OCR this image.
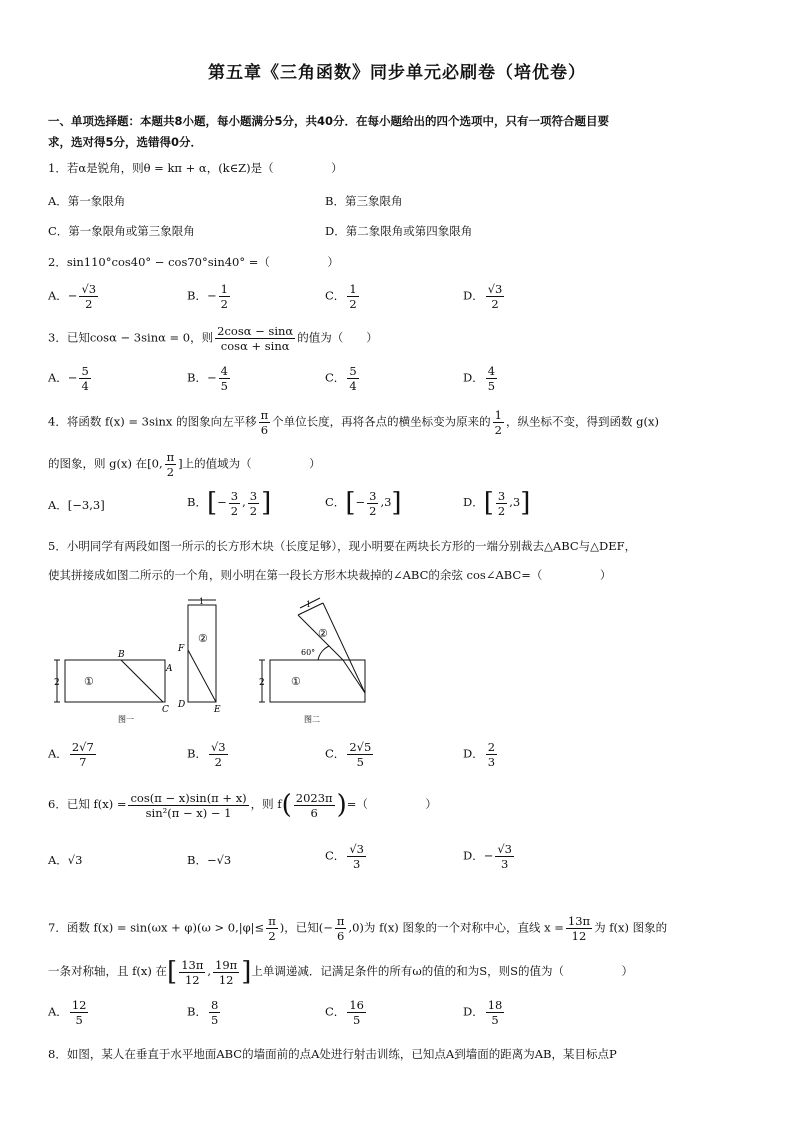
第五章《三角函数》同步单元必刷卷（培优卷）
一、单项选择题：本题共8小题，每小题满分5分，共40分．在每小题给出的四个选项中，只有一项符合题目要
求，选对得5分，选错得0分．
1．若α是锐角，则θ = kπ + α，(k∈Z)是（　　　　　）
A．第一象限角	B．第三象限角
C．第一象限角或第三象限角	D．第二象限角或第四象限角
2．sin110°cos40° − cos70°sin40° =（　　　　　）
A．− $\frac{√3}{2}$	B．− $\frac{1}{2}$	C． $\frac{1}{2}$	D． $\frac{√3}{2}$
3．已知cosα − 3sinα = 0，则 $\frac{2\cos\alpha - \sin\alpha}{\cos\alpha + \sin\alpha}$ 的值为（　　）
A．− $\frac{5}{4}$	B．− $\frac{4}{5}$	C． $\frac{5}{4}$	D． $\frac{4}{5}$
4．将函数 f(x) = 3sinx 的图象向左平移 $\frac{\pi}{6}$ 个单位长度，再将各点的横坐标变为原来的 $\frac{1}{2}$ ，纵坐标不变，得到函数 g(x)
的图象，则 g(x) 在[0, $\frac{\pi}{2}$ ]上的值域为（　　　　　）
A．[−3,3]	B．[− $\frac{3}{2}$ , $\frac{3}{2}$ ]	C．[− $\frac{3}{2} ,3$]	D．[ $\frac{3}{2} ,3$]
5．小明同学有两段如图一所示的长方形木块（长度足够），现小明要在两块长方形的一端分别裁去△ABC与△DEF，
使其拼接成如图二所示的一个角，则小明在第一段长方形木块裁掉的∠ABC的余弦 cos∠ABC=（　　　　　）
2 ①
B
A
C
F
D	E
②
1
图一
2 ①
②
60°
1
图二
A． $\frac{2√7}{7}$	B． $\frac{√3}{2}$	C． $\frac{2√5}{5}$	D． $\frac{2}{3}$
6．已知 $f(x) = \frac{\cos(\pi - x)\sin(\pi + x)}{\text{sin²(π − x) − 1}}$ ，则 $f( \frac{2023\pi}{6}$ )=（　　　　　）
A．√3	B．−√3	C． $\frac{√3}{3}$	D．− $\frac{√3}{3}$
7．函数 $f(x) = \sin(\omega x + \varphi)(\omega > 0,|\varphi|\le \frac{\pi}{2}$ )，已知(− $\frac{\pi}{6} ,0$)为 f(x) 图象的一个对称中心，直线 $x = \frac{13\pi}{12}$ 为 f(x) 图象的
一条对称轴，且 f(x) 在[ $\frac{13\pi}{12}$ , $\frac{19\pi}{12}$ ]上单调递减．记满足条件的所有ω的值的和为S，则S的值为（　　　　　）
A． $\frac{12}{5}$	B． $\frac{8}{5}$	C． $\frac{16}{5}$	D． $\frac{18}{5}$
8．如图，某人在垂直于水平地面ABC的墙面前的点A处进行射击训练，已知点A到墙面的距离为AB，某目标点P
